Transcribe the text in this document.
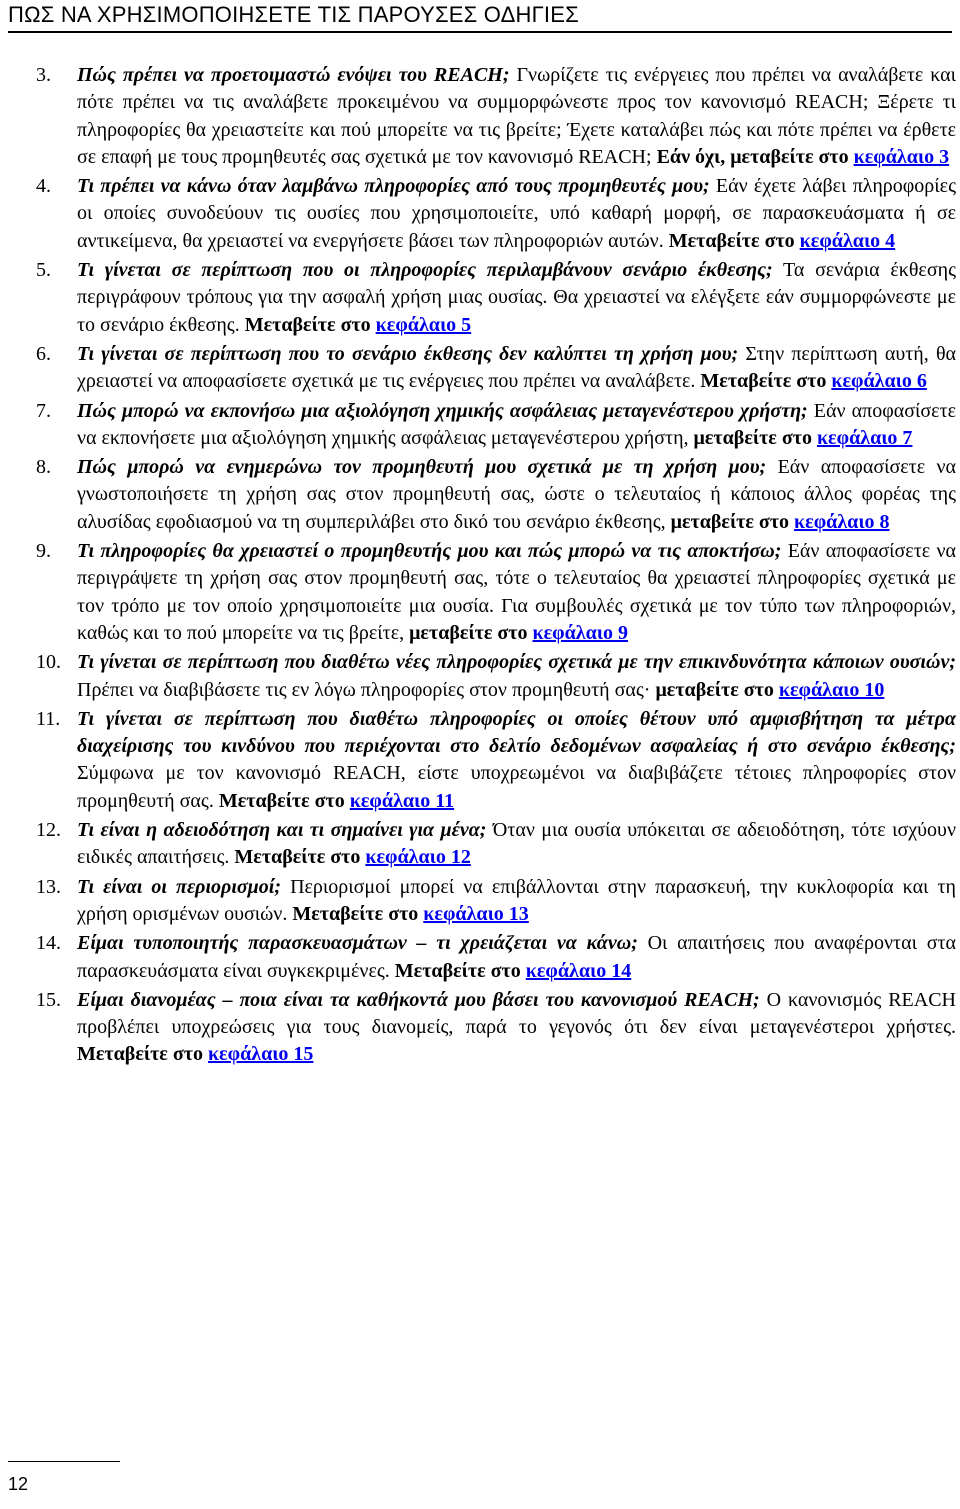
ΠΩΣ ΝΑ ΧΡΗΣΙΜΟΠΟΙΗΣΕΤΕ ΤΙΣ ΠΑΡΟΥΣΕΣ ΟΔΗΓΙΕΣ
3.	Πώς πρέπει να προετοιμαστώ ενόψει του REACH; Γνωρίζετε τις ενέργειες που πρέπει να αναλάβετε και πότε πρέπει να τις αναλάβετε προκειμένου να συμμορφώνεστε προς τον κανονισμό REACH; Ξέρετε τι πληροφορίες θα χρειαστείτε και πού μπορείτε να τις βρείτε; Έχετε καταλάβει πώς και πότε πρέπει να έρθετε σε επαφή με τους προμηθευτές σας σχετικά με τον κανονισμό REACH; Εάν όχι, μεταβείτε στο κεφάλαιο 3
4.	Τι πρέπει να κάνω όταν λαμβάνω πληροφορίες από τους προμηθευτές μου; Εάν έχετε λάβει πληροφορίες οι οποίες συνοδεύουν τις ουσίες που χρησιμοποιείτε, υπό καθαρή μορφή, σε παρασκευάσματα ή σε αντικείμενα, θα χρειαστεί να ενεργήσετε βάσει των πληροφοριών αυτών. Μεταβείτε στο κεφάλαιο 4
5.	Τι γίνεται σε περίπτωση που οι πληροφορίες περιλαμβάνουν σενάριο έκθεσης; Τα σενάρια έκθεσης περιγράφουν τρόπους για την ασφαλή χρήση μιας ουσίας. Θα χρειαστεί να ελέγξετε εάν συμμορφώνεστε με το σενάριο έκθεσης. Μεταβείτε στο κεφάλαιο 5
6.	Τι γίνεται σε περίπτωση που το σενάριο έκθεσης δεν καλύπτει τη χρήση μου; Στην περίπτωση αυτή, θα χρειαστεί να αποφασίσετε σχετικά με τις ενέργειες που πρέπει να αναλάβετε. Μεταβείτε στο κεφάλαιο 6
7.	Πώς μπορώ να εκπονήσω μια αξιολόγηση χημικής ασφάλειας μεταγενέστερου χρήστη; Εάν αποφασίσετε να εκπονήσετε μια αξιολόγηση χημικής ασφάλειας μεταγενέστερου χρήστη, μεταβείτε στο κεφάλαιο 7
8.	Πώς μπορώ να ενημερώνω τον προμηθευτή μου σχετικά με τη χρήση μου; Εάν αποφασίσετε να γνωστοποιήσετε τη χρήση σας στον προμηθευτή σας, ώστε ο τελευταίος ή κάποιος άλλος φορέας της αλυσίδας εφοδιασμού να τη συμπεριλάβει στο δικό του σενάριο έκθεσης, μεταβείτε στο κεφάλαιο 8
9.	Τι πληροφορίες θα χρειαστεί ο προμηθευτής μου και πώς μπορώ να τις αποκτήσω; Εάν αποφασίσετε να περιγράψετε τη χρήση σας στον προμηθευτή σας, τότε ο τελευταίος θα χρειαστεί πληροφορίες σχετικά με τον τρόπο με τον οποίο χρησιμοποιείτε μια ουσία. Για συμβουλές σχετικά με τον τύπο των πληροφοριών, καθώς και το πού μπορείτε να τις βρείτε, μεταβείτε στο κεφάλαιο 9
10. Τι γίνεται σε περίπτωση που διαθέτω νέες πληροφορίες σχετικά με την επικινδυνότητα κάποιων ουσιών; Πρέπει να διαβιβάσετε τις εν λόγω πληροφορίες στον προμηθευτή σας· μεταβείτε στο κεφάλαιο 10
11. Τι γίνεται σε περίπτωση που διαθέτω πληροφορίες οι οποίες θέτουν υπό αμφισβήτηση τα μέτρα διαχείρισης του κινδύνου που περιέχονται στο δελτίο δεδομένων ασφαλείας ή στο σενάριο έκθεσης; Σύμφωνα με τον κανονισμό REACH, είστε υποχρεωμένοι να διαβιβάζετε τέτοιες πληροφορίες στον προμηθευτή σας. Μεταβείτε στο κεφάλαιο 11
12. Τι είναι η αδειοδότηση και τι σημαίνει για μένα; Όταν μια ουσία υπόκειται σε αδειοδότηση, τότε ισχύουν ειδικές απαιτήσεις. Μεταβείτε στο κεφάλαιο 12
13. Τι είναι οι περιορισμοί; Περιορισμοί μπορεί να επιβάλλονται στην παρασκευή, την κυκλοφορία και τη χρήση ορισμένων ουσιών. Μεταβείτε στο κεφάλαιο 13
14. Είμαι τυποποιητής παρασκευασμάτων – τι χρειάζεται να κάνω; Οι απαιτήσεις που αναφέρονται στα παρασκευάσματα είναι συγκεκριμένες. Μεταβείτε στο κεφάλαιο 14
15. Είμαι διανομέας – ποια είναι τα καθήκοντά μου βάσει του κανονισμού REACH; Ο κανονισμός REACH προβλέπει υποχρεώσεις για τους διανομείς, παρά το γεγονός ότι δεν είναι μεταγενέστεροι χρήστες. Μεταβείτε στο κεφάλαιο 15
12
